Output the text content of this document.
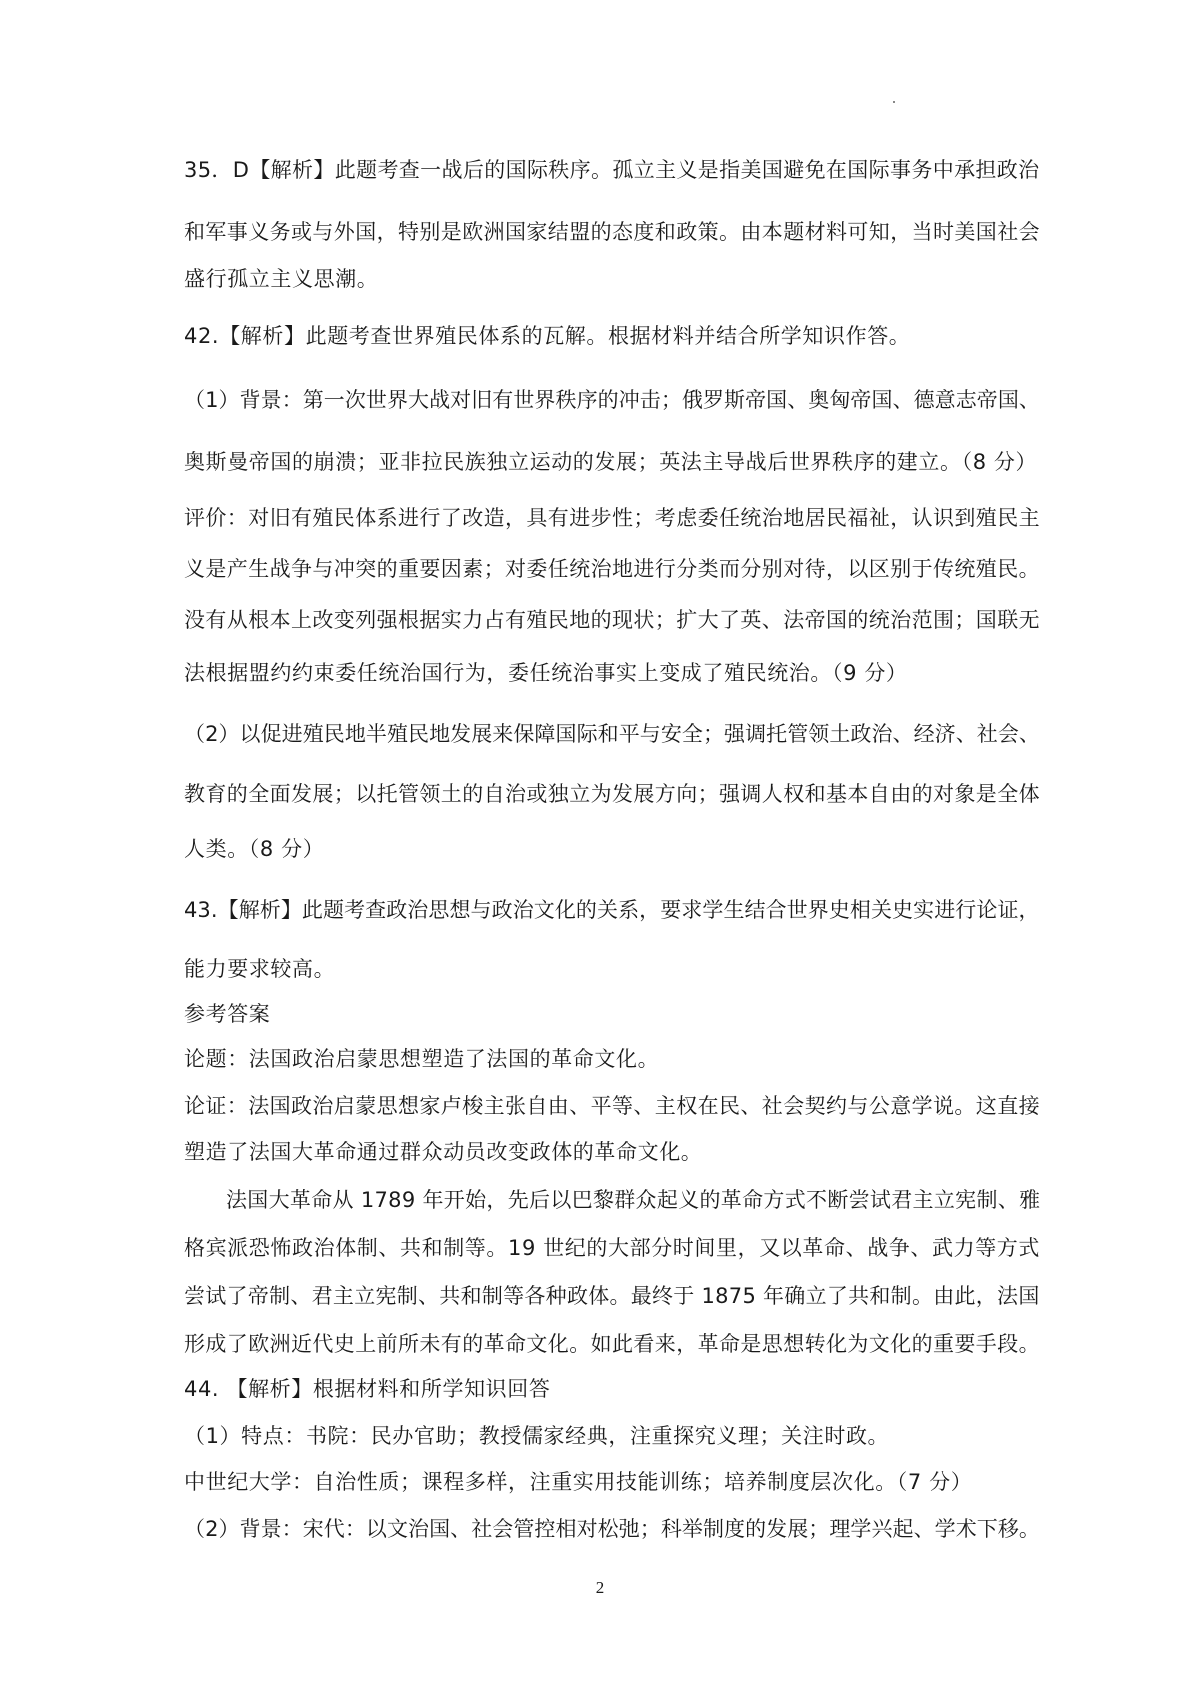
35．D【解析】此题考查一战后的国际秩序。孤立主义是指美国避免在国际事务中承担政治
和军事义务或与外国，特别是欧洲国家结盟的态度和政策。由本题材料可知，当时美国社会
盛行孤立主义思潮。
42.【解析】此题考查世界殖民体系的瓦解。根据材料并结合所学知识作答。
（1）背景：第一次世界大战对旧有世界秩序的冲击；俄罗斯帝国、奥匈帝国、德意志帝国、
奥斯曼帝国的崩溃；亚非拉民族独立运动的发展；英法主导战后世界秩序的建立。（8 分）
评价：对旧有殖民体系进行了改造，具有进步性；考虑委任统治地居民福祉，认识到殖民主
义是产生战争与冲突的重要因素；对委任统治地进行分类而分别对待，以区别于传统殖民。
没有从根本上改变列强根据实力占有殖民地的现状；扩大了英、法帝国的统治范围；国联无
法根据盟约约束委任统治国行为，委任统治事实上变成了殖民统治。（9 分）
（2）以促进殖民地半殖民地发展来保障国际和平与安全；强调托管领土政治、经济、社会、
教育的全面发展；以托管领土的自治或独立为发展方向；强调人权和基本自由的对象是全体
人类。（8 分）
43.【解析】此题考查政治思想与政治文化的关系，要求学生结合世界史相关史实进行论证，
能力要求较高。
参考答案
论题：法国政治启蒙思想塑造了法国的革命文化。
论证：法国政治启蒙思想家卢梭主张自由、平等、主权在民、社会契约与公意学说。这直接
塑造了法国大革命通过群众动员改变政体的革命文化。
法国大革命从 1789 年开始，先后以巴黎群众起义的革命方式不断尝试君主立宪制、雅
格宾派恐怖政治体制、共和制等。19 世纪的大部分时间里，又以革命、战争、武力等方式
尝试了帝制、君主立宪制、共和制等各种政体。最终于 1875 年确立了共和制。由此，法国
形成了欧洲近代史上前所未有的革命文化。如此看来，革命是思想转化为文化的重要手段。
44. 【解析】根据材料和所学知识回答
（1）特点：书院：民办官助；教授儒家经典，注重探究义理；关注时政。
中世纪大学：自治性质；课程多样，注重实用技能训练；培养制度层次化。（7 分）
（2）背景：宋代：以文治国、社会管控相对松弛；科举制度的发展；理学兴起、学术下移。
2
